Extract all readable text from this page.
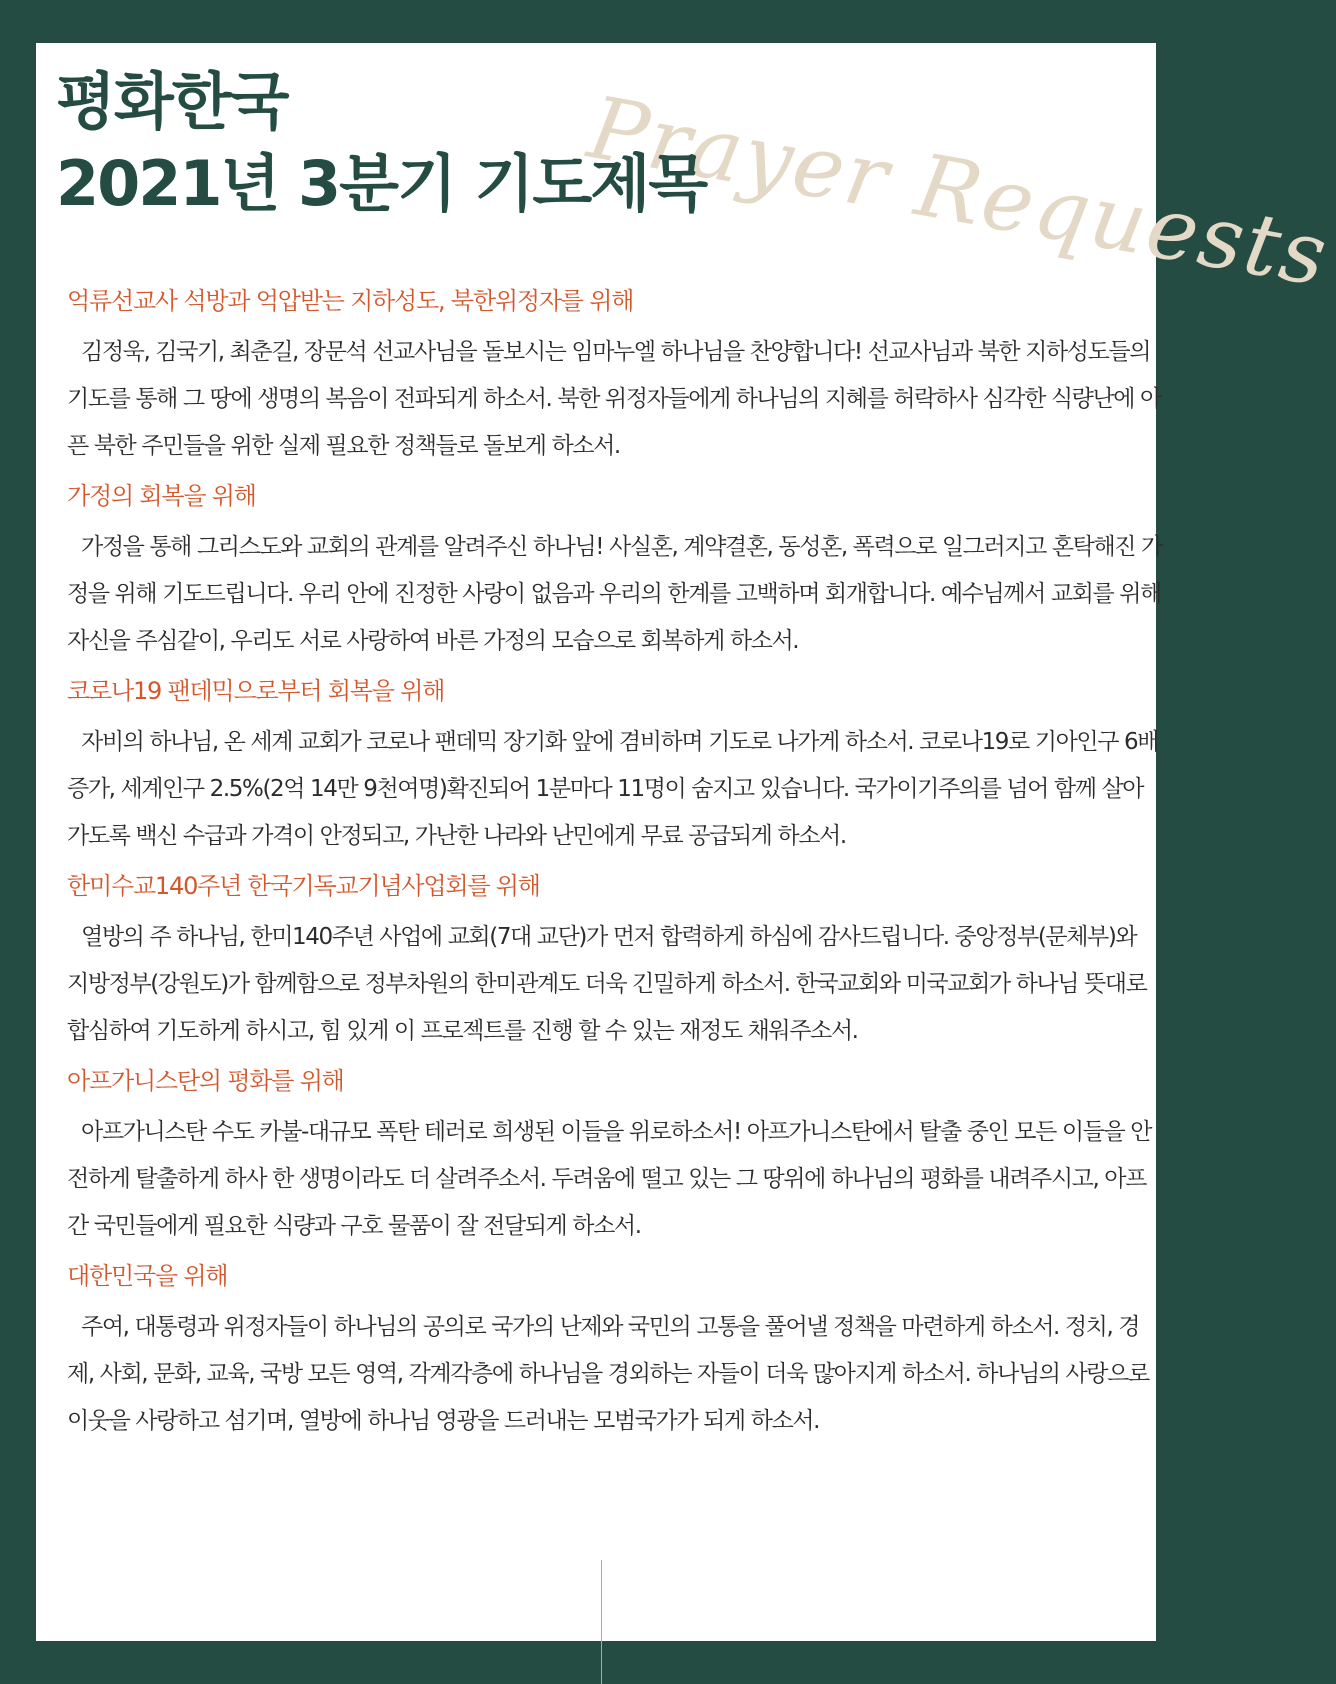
Prayer Requests
평화한국
2021년 3분기 기도제목
억류선교사 석방과 억압받는 지하성도, 북한위정자를 위해

김정욱, 김국기, 최춘길, 장문석 선교사님을 돌보시는 임마누엘 하나님을 찬양합니다! 선교사님과 북한 지하성도들의 기도를 통해 그 땅에 생명의 복음이 전파되게 하소서. 북한 위정자들에게 하나님의 지혜를 허락하사 심각한 식량난에 아픈 북한 주민들을 위한 실제 필요한 정책들로 돌보게 하소서.

가정의 회복을 위해

가정을 통해 그리스도와 교회의 관계를 알려주신 하나님! 사실혼, 계약결혼, 동성혼, 폭력으로 일그러지고 혼탁해진 가정을 위해 기도드립니다. 우리 안에 진정한 사랑이 없음과 우리의 한계를 고백하며 회개합니다. 예수님께서 교회를 위해 자신을 주심같이, 우리도 서로 사랑하여 바른 가정의 모습으로 회복하게 하소서.

코로나19 팬데믹으로부터 회복을 위해

자비의 하나님, 온 세계 교회가 코로나 팬데믹 장기화 앞에 겸비하며 기도로 나가게 하소서. 코로나19로 기아인구 6배 증가, 세계인구 2.5%(2억 14만 9천여명)확진되어 1분마다 11명이 숨지고 있습니다. 국가이기주의를 넘어 함께 살아가도록 백신 수급과 가격이 안정되고, 가난한 나라와 난민에게 무료 공급되게 하소서.

한미수교140주년 한국기독교기념사업회를 위해

열방의 주 하나님, 한미140주년 사업에 교회(7대 교단)가 먼저 합력하게 하심에 감사드립니다. 중앙정부(문체부)와 지방정부(강원도)가 함께함으로 정부차원의 한미관계도 더욱 긴밀하게 하소서. 한국교회와 미국교회가 하나님 뜻대로 합심하여 기도하게 하시고, 힘 있게 이 프로젝트를 진행 할 수 있는 재정도 채워주소서.

아프가니스탄의 평화를 위해

아프가니스탄 수도 카불-대규모 폭탄 테러로 희생된 이들을 위로하소서! 아프가니스탄에서 탈출 중인 모든 이들을 안전하게 탈출하게 하사 한 생명이라도 더 살려주소서. 두려움에 떨고 있는 그 땅위에 하나님의 평화를 내려주시고, 아프간 국민들에게 필요한 식량과 구호 물품이 잘 전달되게 하소서.

대한민국을 위해

주여, 대통령과 위정자들이 하나님의 공의로 국가의 난제와 국민의 고통을 풀어낼 정책을 마련하게 하소서. 정치, 경제, 사회, 문화, 교육, 국방 모든 영역, 각계각층에 하나님을 경외하는 자들이 더욱 많아지게 하소서. 하나님의 사랑으로 이웃을 사랑하고 섬기며, 열방에 하나님 영광을 드러내는 모범국가가 되게 하소서.
